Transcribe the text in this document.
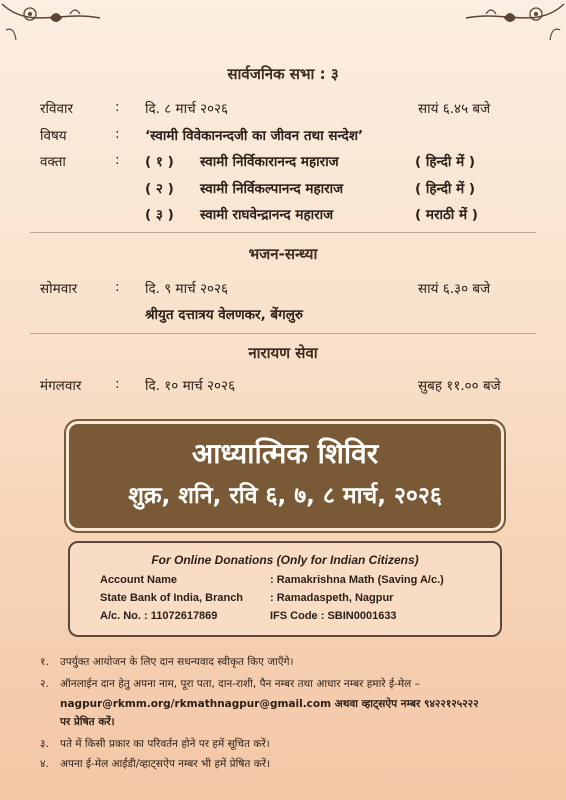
सार्वजनिक सभा : ३
रविवार	: दि. ८ मार्च २०२६	सायं ६.४५ बजे
विषय	: ‘स्वामी विवेकानन्दजी का जीवन तथा सन्देश’
वक्ता	: ( १ ) स्वामी निर्विकारानन्द महाराज	( हिन्दी में )
( २ ) स्वामी निर्विकल्पानन्द महाराज	( हिन्दी में )
( ३ ) स्वामी राघवेन्द्रानन्द महाराज	( मराठी में )
भजन-सन्ध्या
सोमवार	: दि. ९ मार्च २०२६	सायं ६.३० बजे
श्रीयुत दत्तात्रय वेलणकर, बेंगलुरु
नारायण सेवा
मंगलवार : दि. १० मार्च २०२६	सुबह ११.०० बजे
आध्यात्मिक शिविर
शुक्र, शनि, रवि ६, ७, ८ मार्च, २०२६
For Online Donations (Only for Indian Citizens)
Account Name	: Ramakrishna Math (Saving A/c.)
State Bank of India, Branch : Ramadaspeth, Nagpur
A/c. No. : 11072617869	IFS Code : SBIN0001633
१. उपर्युक्त आयोजन के लिए दान सधन्यवाद स्वीकृत किए जाएँगे।
२. ऑनलाईन दान हेतु अपना नाम, पूरा पता, दान-राशी, पैन नम्बर तथा आधार नम्बर हमारे ई-मेल –
nagpur@rkmm.org/rkmathnagpur@gmail.com अथवा व्हाट्सऐप नम्बर ९४२२१२५२२२
पर प्रेषित करें।
३. पते में किसी प्रकार का परिवर्तन होने पर हमें सूचित करें।
४. अपना ई-मेल आईडी/व्हाट्सऐप नम्बर भी हमें प्रेषित करें।
